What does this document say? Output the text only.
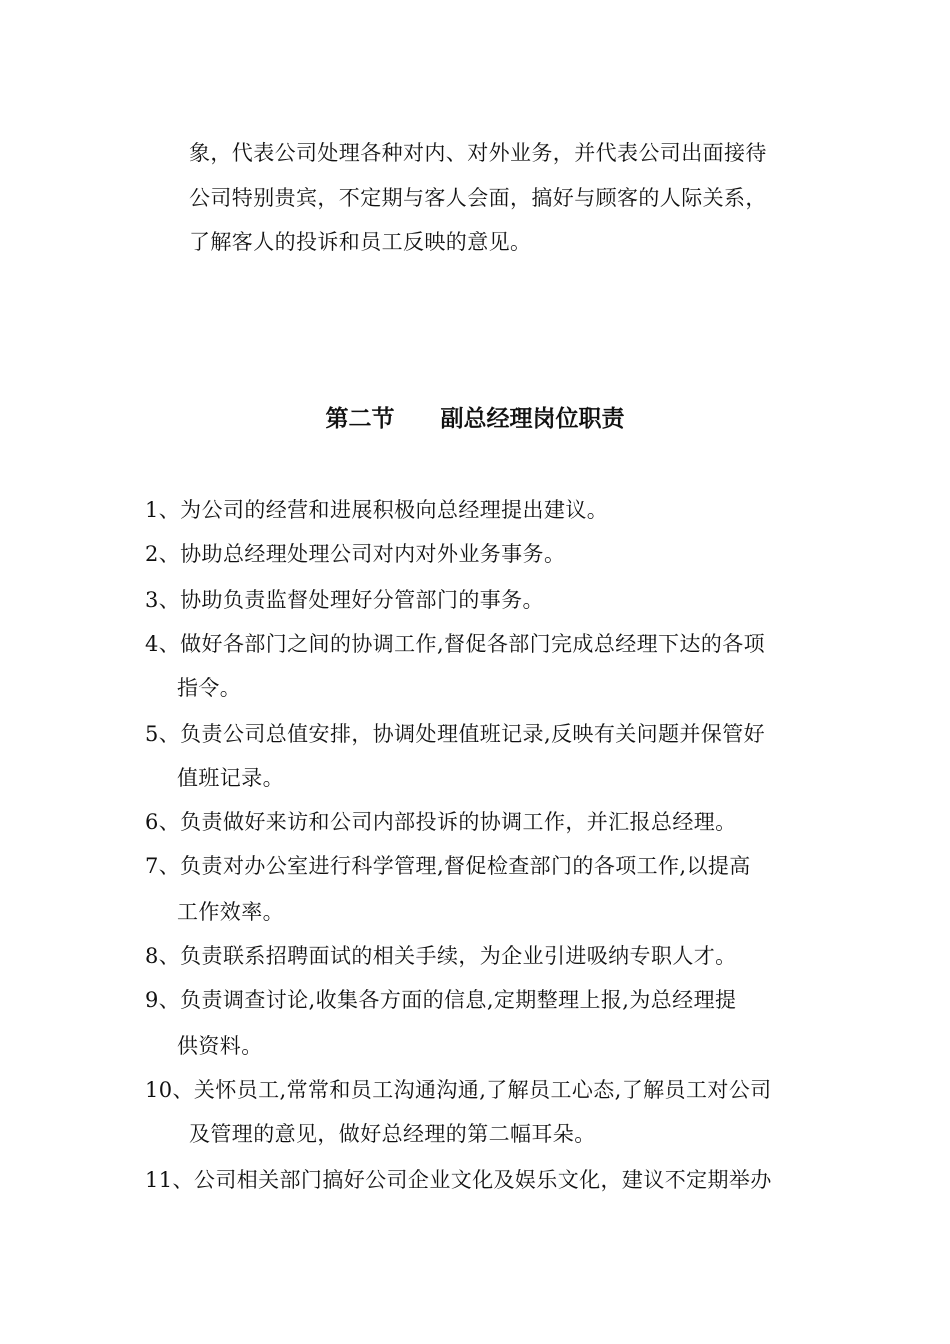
象，代表公司处理各种对内、对外业务，并代表公司出面接待
公司特别贵宾，不定期与客人会面，搞好与顾客的人际关系，
了解客人的投诉和员工反映的意见。
第二节　　副总经理岗位职责
1、为公司的经营和进展积极向总经理提出建议。
2、协助总经理处理公司对内对外业务事务。
3、协助负责监督处理好分管部门的事务。
4、做好各部门之间的协调工作,督促各部门完成总经理下达的各项
指令。
5、负责公司总值安排，协调处理值班记录,反映有关问题并保管好
值班记录。
6、负责做好来访和公司内部投诉的协调工作，并汇报总经理。
7、负责对办公室进行科学管理,督促检查部门的各项工作,以提高
工作效率。
8、负责联系招聘面试的相关手续，为企业引进吸纳专职人才。
9、负责调查讨论,收集各方面的信息,定期整理上报,为总经理提
供资料。
10、关怀员工,常常和员工沟通沟通,了解员工心态,了解员工对公司
及管理的意见，做好总经理的第二幅耳朵。
11、公司相关部门搞好公司企业文化及娱乐文化，建议不定期举办
